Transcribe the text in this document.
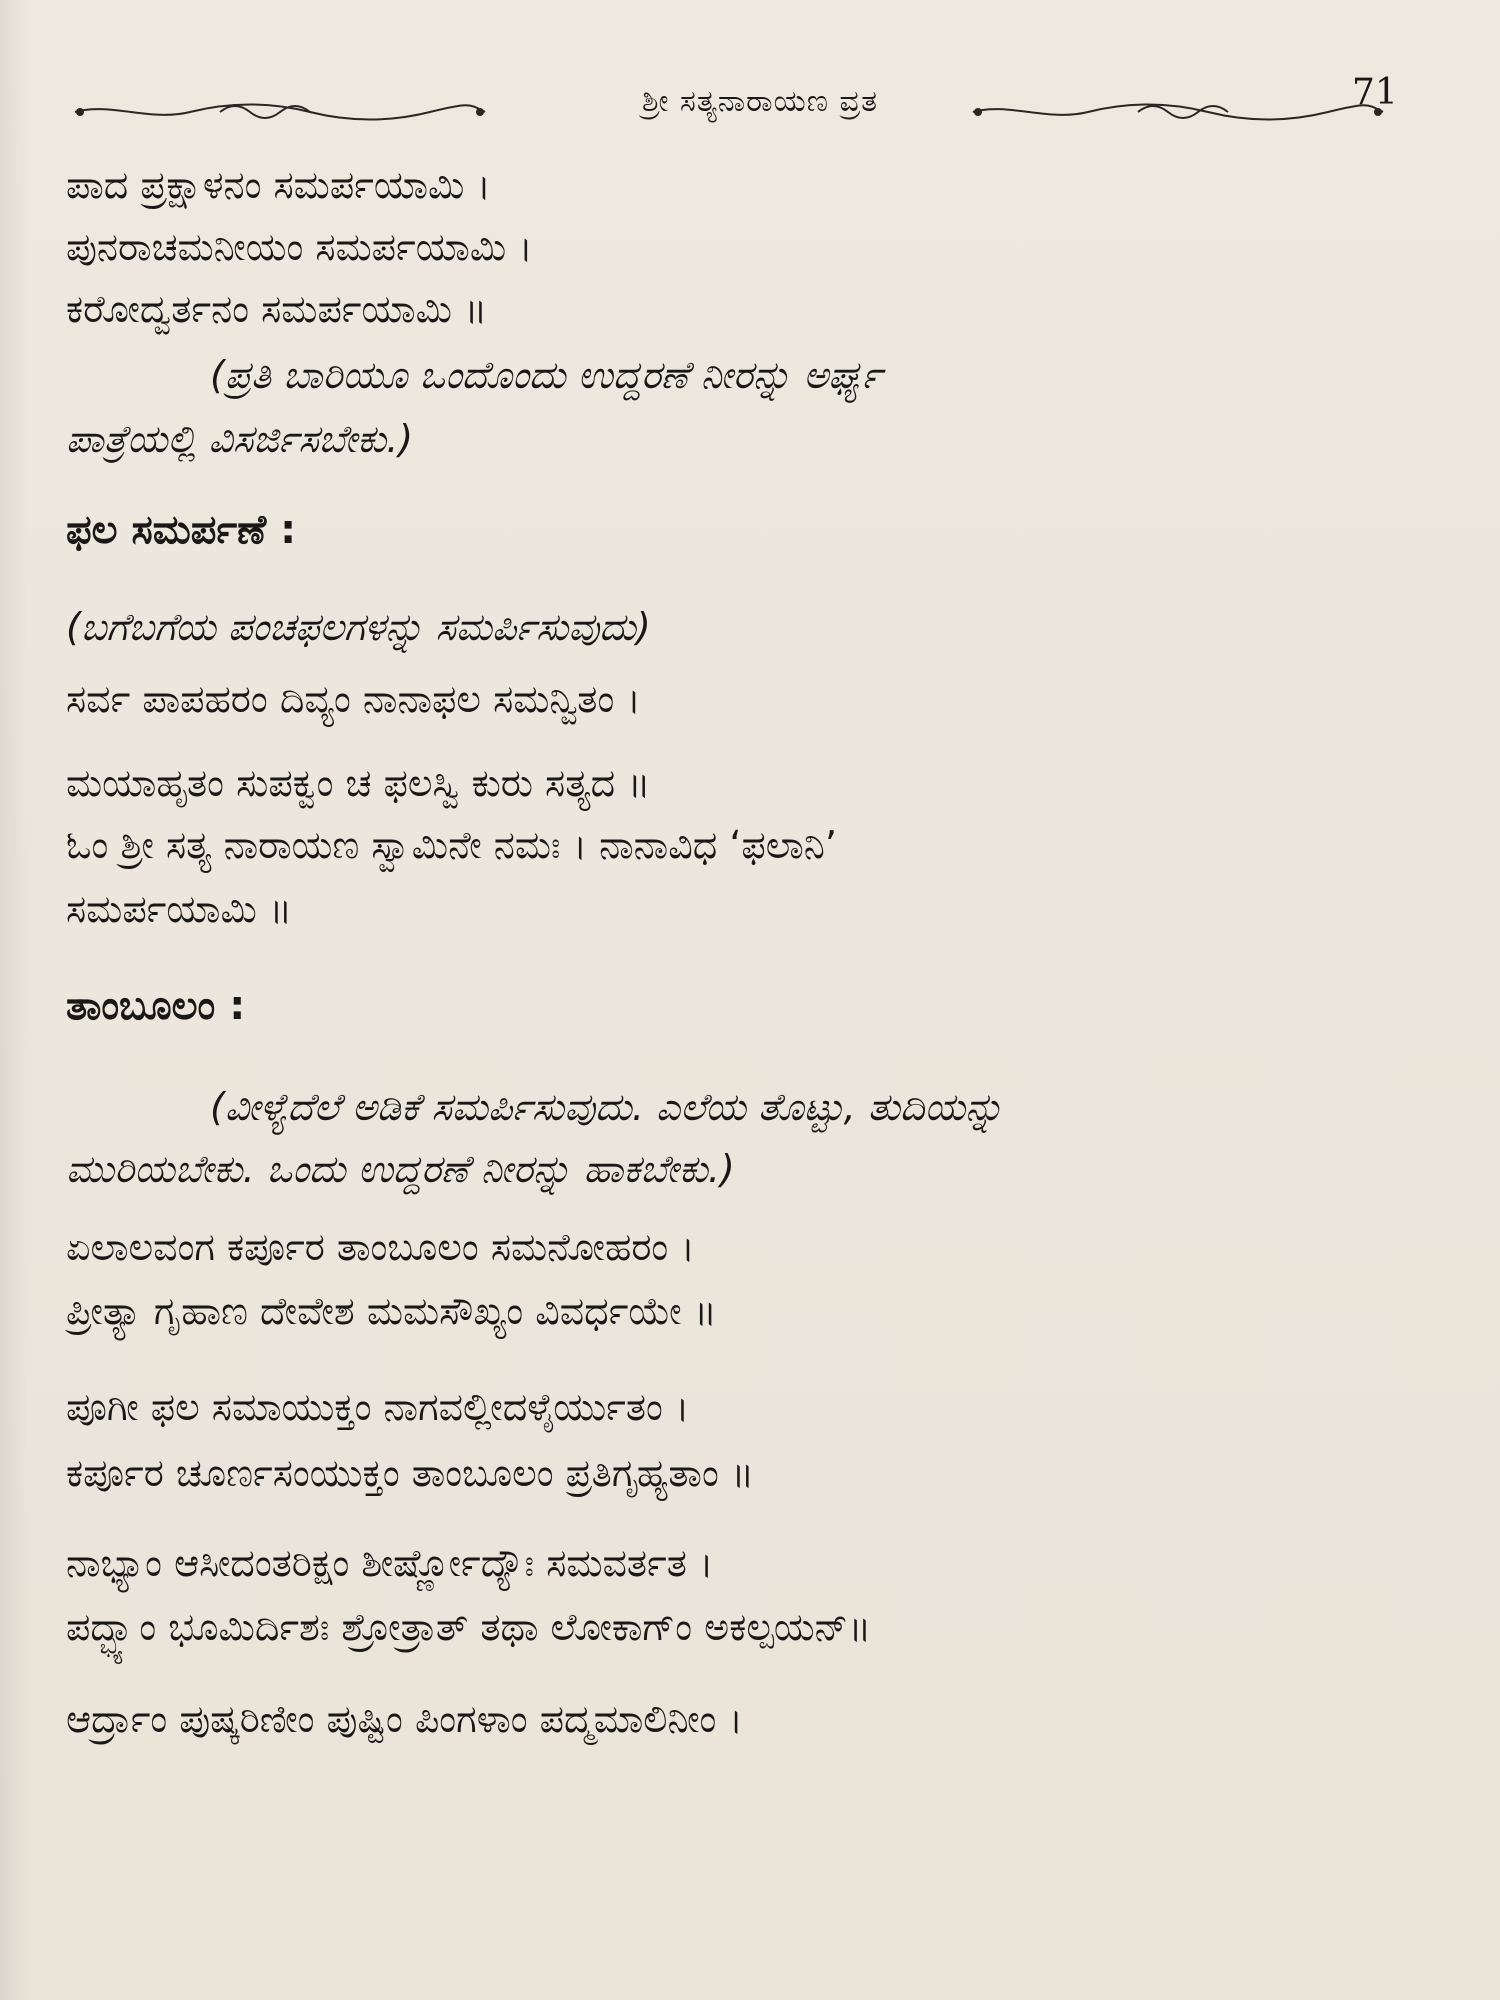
ಶ್ರೀ ಸತ್ಯನಾರಾಯಣ ವ್ರತ	71
ಪಾದ ಪ್ರಕ್ಷಾಳನಂ ಸಮರ್ಪಯಾಮಿ ।
ಪುನರಾಚಮನೀಯಂ ಸಮರ್ಪಯಾಮಿ ।
ಕರೋದ್ವರ್ತನಂ ಸಮರ್ಪಯಾಮಿ ॥
(ಪ್ರತಿ ಬಾರಿಯೂ ಒಂದೊಂದು ಉದ್ದರಣೆ ನೀರನ್ನು ಅರ್ಘ್ಯ
ಪಾತ್ರೆಯಲ್ಲಿ ವಿಸರ್ಜಿಸಬೇಕು.)
ಫಲ ಸಮರ್ಪಣೆ :
(ಬಗೆಬಗೆಯ ಪಂಚಫಲಗಳನ್ನು ಸಮರ್ಪಿಸುವುದು)
ಸರ್ವ ಪಾಪಹರಂ ದಿವ್ಯಂ ನಾನಾಫಲ ಸಮನ್ವಿತಂ ।
ಮಯಾಹೃತಂ ಸುಪಕ್ವಂ ಚ ಫಲಸ್ವಿ ಕುರು ಸತ್ಯದ ॥
ಓಂ ಶ್ರೀ ಸತ್ಯ ನಾರಾಯಣ ಸ್ವಾಮಿನೇ ನಮಃ । ನಾನಾವಿಧ ‘ಫಲಾನಿ’
ಸಮರ್ಪಯಾಮಿ ॥
ತಾಂಬೂಲಂ :
(ವೀಳ್ಯೆದೆಲೆ ಅಡಿಕೆ ಸಮರ್ಪಿಸುವುದು. ಎಲೆಯ ತೊಟ್ಟು, ತುದಿಯನ್ನು
ಮುರಿಯಬೇಕು. ಒಂದು ಉದ್ದರಣೆ ನೀರನ್ನು ಹಾಕಬೇಕು.)
ಏಲಾಲವಂಗ ಕರ್ಪೂರ ತಾಂಬೂಲಂ ಸಮನೋಹರಂ ।
ಪ್ರೀತ್ಯಾ ಗೃಹಾಣ ದೇವೇಶ ಮಮಸೌಖ್ಯಂ ವಿವರ್ಧಯೇ ॥
ಪೂಗೀ ಫಲ ಸಮಾಯುಕ್ತಂ ನಾಗವಲ್ಲೀದಳೈರ್ಯುತಂ ।
ಕರ್ಪೂರ ಚೂರ್ಣಸಂಯುಕ್ತಂ ತಾಂಬೂಲಂ ಪ್ರತಿಗೃಹ್ಯತಾಂ ॥
ನಾಭ್ಯಾಂ ಆಸೀದಂತರಿಕ್ಷಂ ಶೀರ್ಷ್ಣೋದ್ಯೌಃ ಸಮವರ್ತತ ।
ಪದ್ಭ್ಯಾಂ ಭೂಮಿರ್ದಿಶಃ ಶ್ರೋತ್ರಾತ್ ತಥಾ ಲೋಕಾಗ್‌ಂ ಅಕಲ್ಪಯನ್॥
ಆರ್ದ್ರಾಂ ಪುಷ್ಕರಿಣೀಂ ಪುಷ್ಟಿಂ ಪಿಂಗಳಾಂ ಪದ್ಮಮಾಲಿನೀಂ ।
